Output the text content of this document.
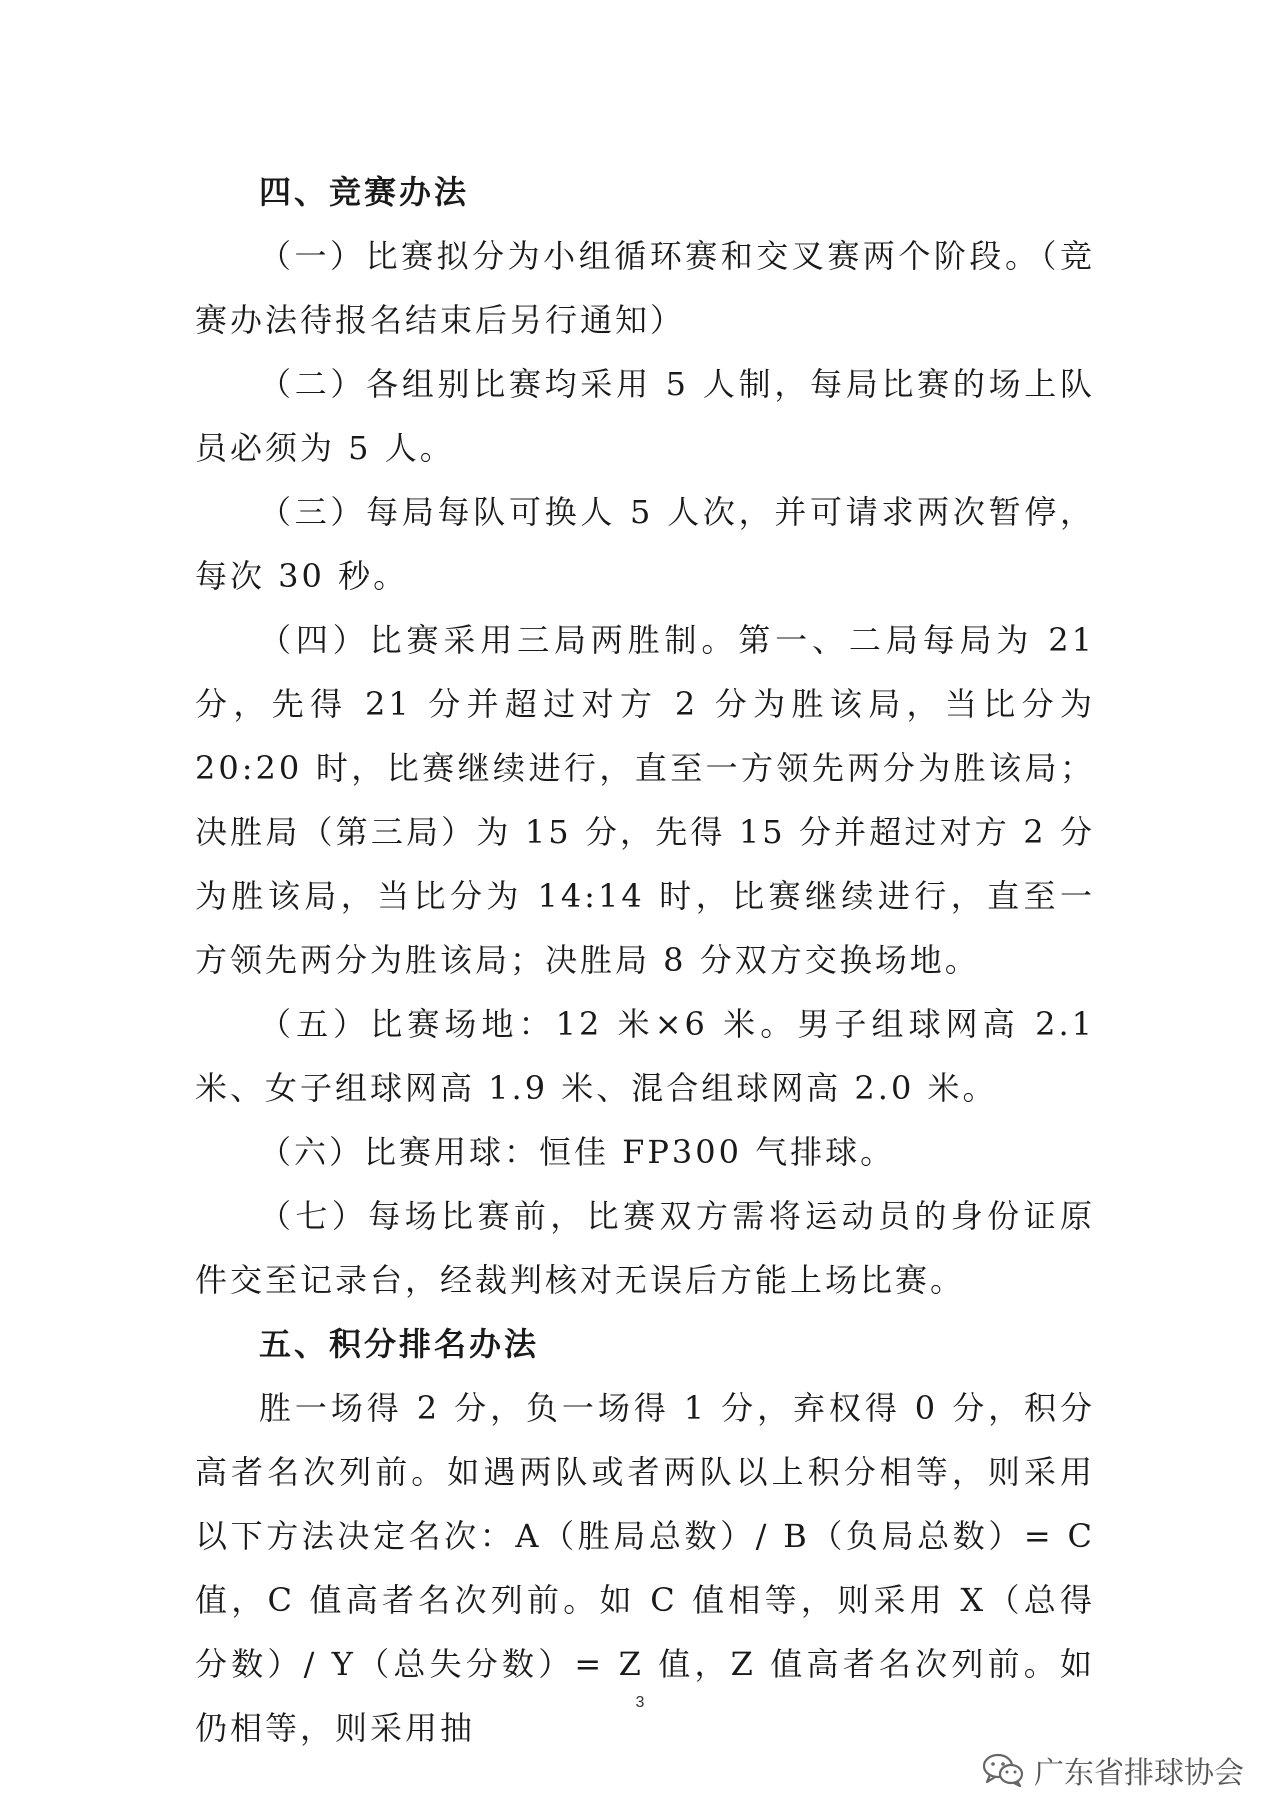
四、竞赛办法

（一）比赛拟分为小组循环赛和交叉赛两个阶段。（竞赛办法待报名结束后另行通知）

（二）各组别比赛均采用 5 人制，每局比赛的场上队员必须为 5 人。

（三）每局每队可换人 5 人次，并可请求两次暂停，每次 30 秒。

（四）比赛采用三局两胜制。第一、二局每局为 21 分，先得 21 分并超过对方 2 分为胜该局，当比分为 20:20 时，比赛继续进行，直至一方领先两分为胜该局；决胜局（第三局）为 15 分，先得 15 分并超过对方 2 分为胜该局，当比分为 14:14 时，比赛继续进行，直至一方领先两分为胜该局；决胜局 8 分双方交换场地。

（五）比赛场地：12 米×6 米。男子组球网高 2.1 米、女子组球网高 1.9 米、混合组球网高 2.0 米。

（六）比赛用球：恒佳 FP300 气排球。

（七）每场比赛前，比赛双方需将运动员的身份证原件交至记录台，经裁判核对无误后方能上场比赛。

五、积分排名办法

胜一场得 2 分，负一场得 1 分，弃权得 0 分，积分高者名次列前。如遇两队或者两队以上积分相等，则采用以下方法决定名次：A（胜局总数）/ B（负局总数）= C 值，C 值高者名次列前。如 C 值相等，则采用 X（总得分数）/ Y（总失分数）= Z 值，Z 值高者名次列前。如仍相等，则采用抽

3
广东省排球协会
